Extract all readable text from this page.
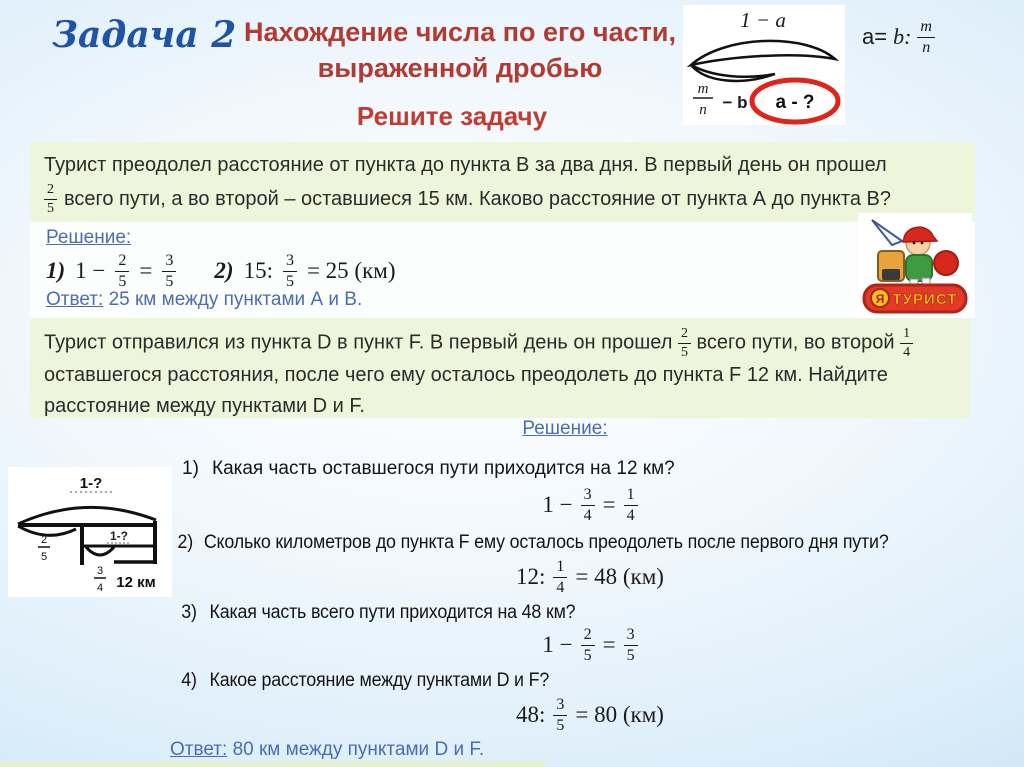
Задача 2 Нахождение числа по его части,
выраженной дробью
Решите задачу
1 − a
m
n − b a - ?
a= b: $\frac{m}{n}$
Турист преодолел расстояние от пункта до пункта В за два дня. В первый день он прошел
$\frac{2}{5}$ всего пути, а во второй – оставшиеся 15 км. Каково расстояние от пункта А до пункта В?
Решение:
1) $1 - \frac{2}{5} = \frac{3}{5} 2$) 15: $\frac{3}{5} = 25$ (км)
Ответ: 25 км между пунктами А и В.	Я ТУРИСТ
Турист отправился из пункта D в пункт F. В первый день он прошел $\frac{2}{5}$ всего пути, во второй $\frac{1}{4}$
оставшегося расстояния, после чего ему осталось преодолеть до пункта F 12 км. Найдите расстояние между пунктами D и F.
Решение:
1-?
2
5
1-?
3
4 12 км
1) Какая часть оставшегося пути приходится на 12 км?
$1 - \frac{3}{4} = \frac{1}{4}$
2) Сколько километров до пункта F ему осталось преодолеть после первого дня пути?
12: $\frac{1}{4} = 48$ (км)
3) Какая часть всего пути приходится на 48 км?
$1 - \frac{2}{5} = \frac{3}{5}$
4) Какое расстояние между пунктами D и F?
48: $\frac{3}{5} = 80$ (км)
Ответ: 80 км между пунктами D и F.
